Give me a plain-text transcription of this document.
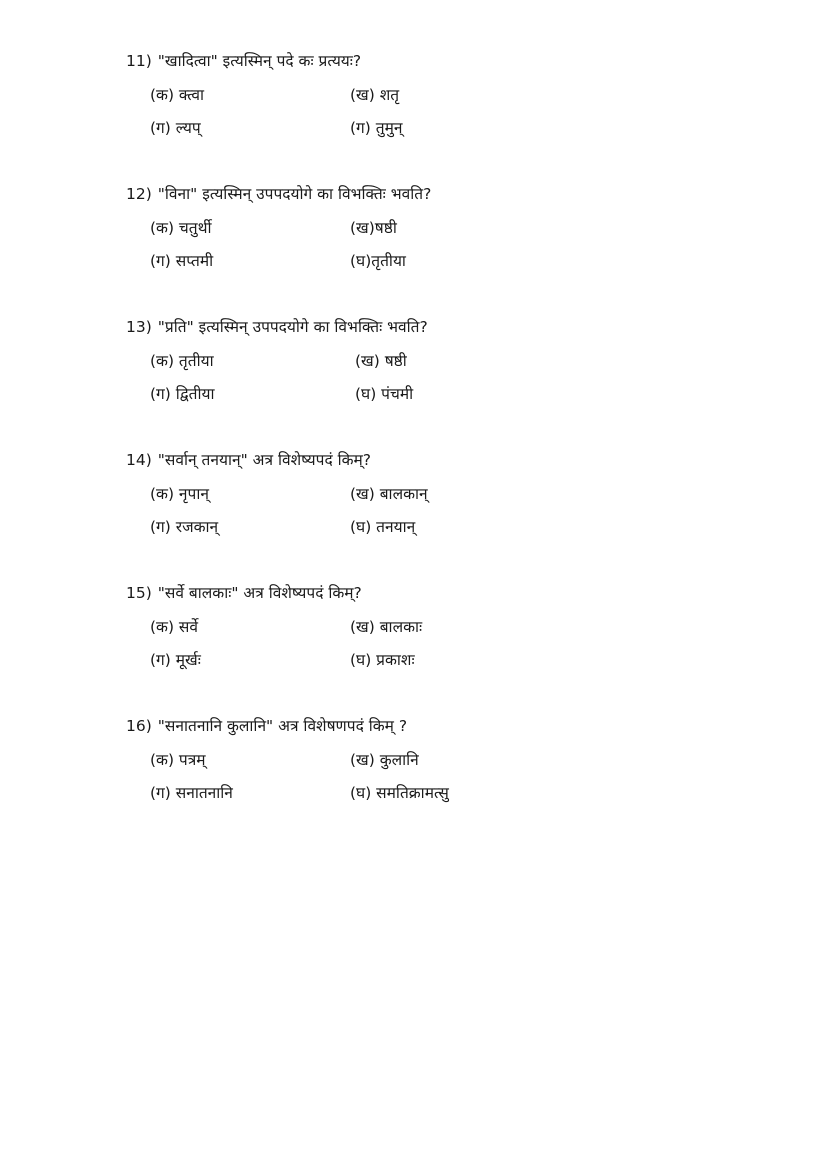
11) "खादित्वा" इत्यस्मिन् पदे कः प्रत्ययः?
(क) क्त्वा	(ख) शतृ
(ग) ल्यप्	(ग) तुमुन्
12) "विना" इत्यस्मिन् उपपदयोगे का विभक्तिः भवति?
(क) चतुर्थी	(ख)षष्ठी
(ग) सप्तमी	(घ)तृतीया
13) "प्रति" इत्यस्मिन् उपपदयोगे का विभक्तिः भवति?
(क) तृतीया	(ख) षष्ठी
(ग) द्वितीया	(घ) पंचमी
14) "सर्वान् तनयान्" अत्र विशेष्यपदं किम्?
(क) नृपान्	(ख) बालकान्
(ग) रजकान्	(घ) तनयान्
15) "सर्वे बालकाः" अत्र विशेष्यपदं किम्?
(क) सर्वे	(ख) बालकाः
(ग) मूर्खः	(घ) प्रकाशः
16) "सनातनानि कुलानि" अत्र विशेषणपदं किम् ?
(क) पत्रम्	(ख) कुलानि
(ग) सनातनानि	(घ) समतिक्रामत्सु
